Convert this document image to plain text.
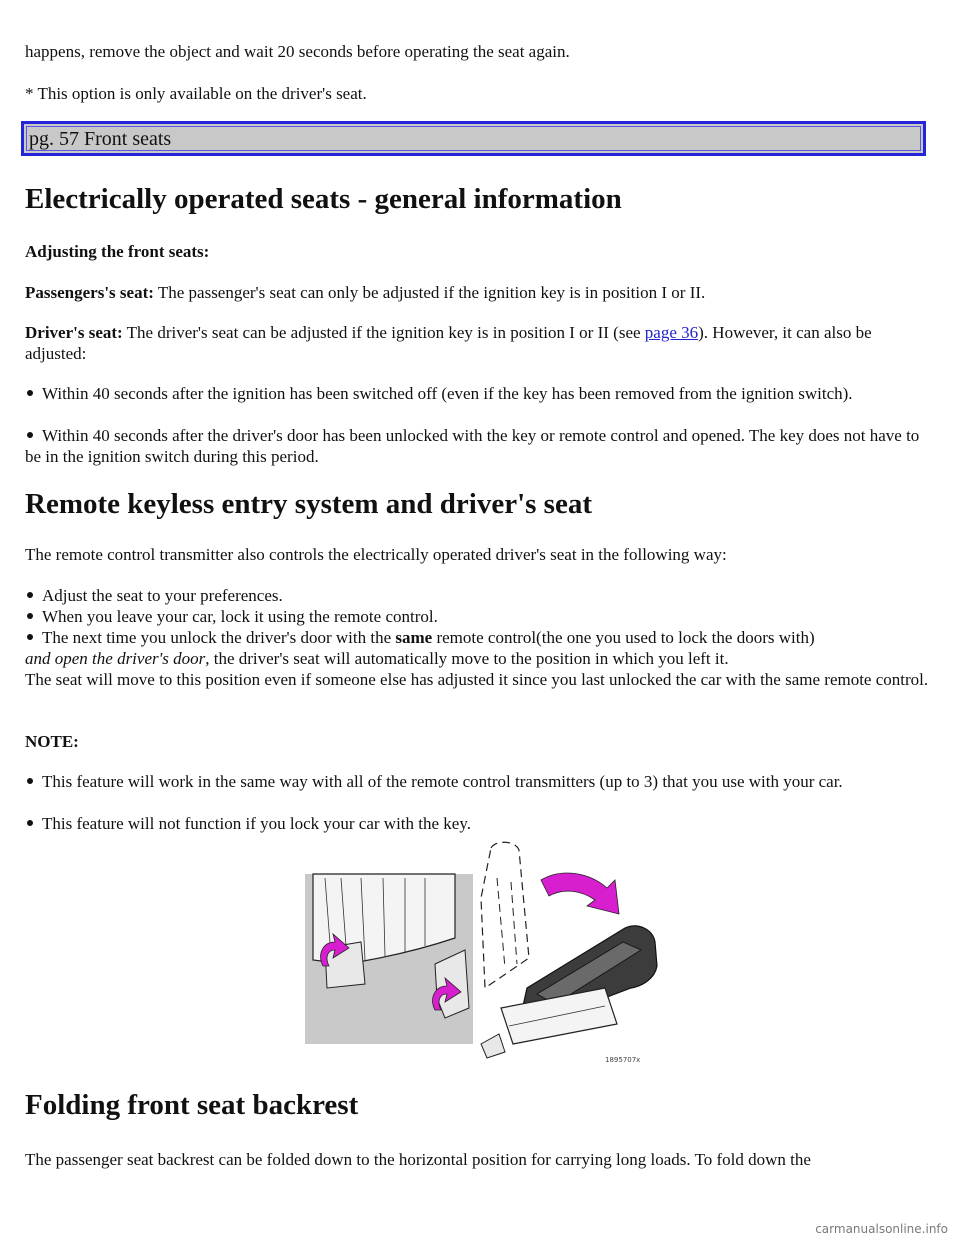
happens, remove the object and wait 20 seconds before operating the seat again.

* This option is only available on the driver's seat.

pg. 57 Front seats
Electrically operated seats - general information

Adjusting the front seats:

Passengers's seat: The passenger's seat can only be adjusted if the ignition key is in position I or II.

Driver's seat: The driver's seat can be adjusted if the ignition key is in position I or II (see page 36). However, it can also be adjusted:

Within 40 seconds after the ignition has been switched off (even if the key has been removed from the ignition switch).
Within 40 seconds after the driver's door has been unlocked with the key or remote control and opened. The key does not have to be in the ignition switch during this period.
Remote keyless entry system and driver's seat

The remote control transmitter also controls the electrically operated driver's seat in the following way:

Adjust the seat to your preferences.
When you leave your car, lock it using the remote control.
The next time you unlock the driver's door with the same remote control(the one you used to lock the doors with)
and open the driver's door, the driver's seat will automatically move to the position in which you left it.
The seat will move to this position even if someone else has adjusted it since you last unlocked the car with the same remote control.

NOTE:

This feature will work in the same way with all of the remote control transmitters (up to 3) that you use with your car.
This feature will not function if you lock your car with the key.
1895707x
Folding front seat backrest

The passenger seat backrest can be folded down to the horizontal position for carrying long loads. To fold down the

carmanualsonline.info
